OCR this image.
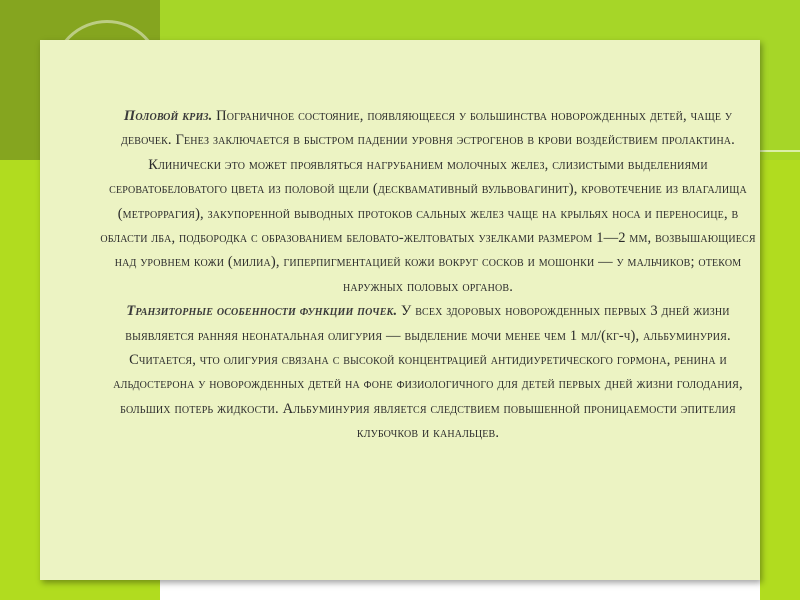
Половой криз. Пограничное состояние, появляющееся у большинства новорожденных детей, чаще у девочек. Генез заключается в быстром падении уровня эстрогенов в крови воздействием пролактина. Клинически это может проявляться нагрубанием молочных желез, слизистыми выделениями сероватобеловатого цвета из половой щели (десквамативный вульвовагинит), кровотечение из влагалища (метроррагия), закупоренной выводных протоков сальных желез чаще на крыльях носа и переносице, в области лба, подбородка с образованием беловато-желтоватых узелками размером 1—2 мм, возвышающиеся над уровнем кожи (милиа), гиперпигментацией кожи вокруг сосков и мошонки — у мальчиков; отеком наружных половых органов.

Транзиторные особенности функции почек. У всех здоровых новорожденных первых 3 дней жизни выявляется ранняя неонатальная олигурия — выделение мочи менее чем 1 мл/(кг-ч), альбуминурия. Считается, что олигурия связана с высокой концентрацией антидиуретического гормона, ренина и альдостерона у новорожденных детей на фоне физиологичного для детей первых дней жизни голодания, больших потерь жидкости. Альбуминурия является следствием повышенной проницаемости эпителия клубочков и канальцев.
